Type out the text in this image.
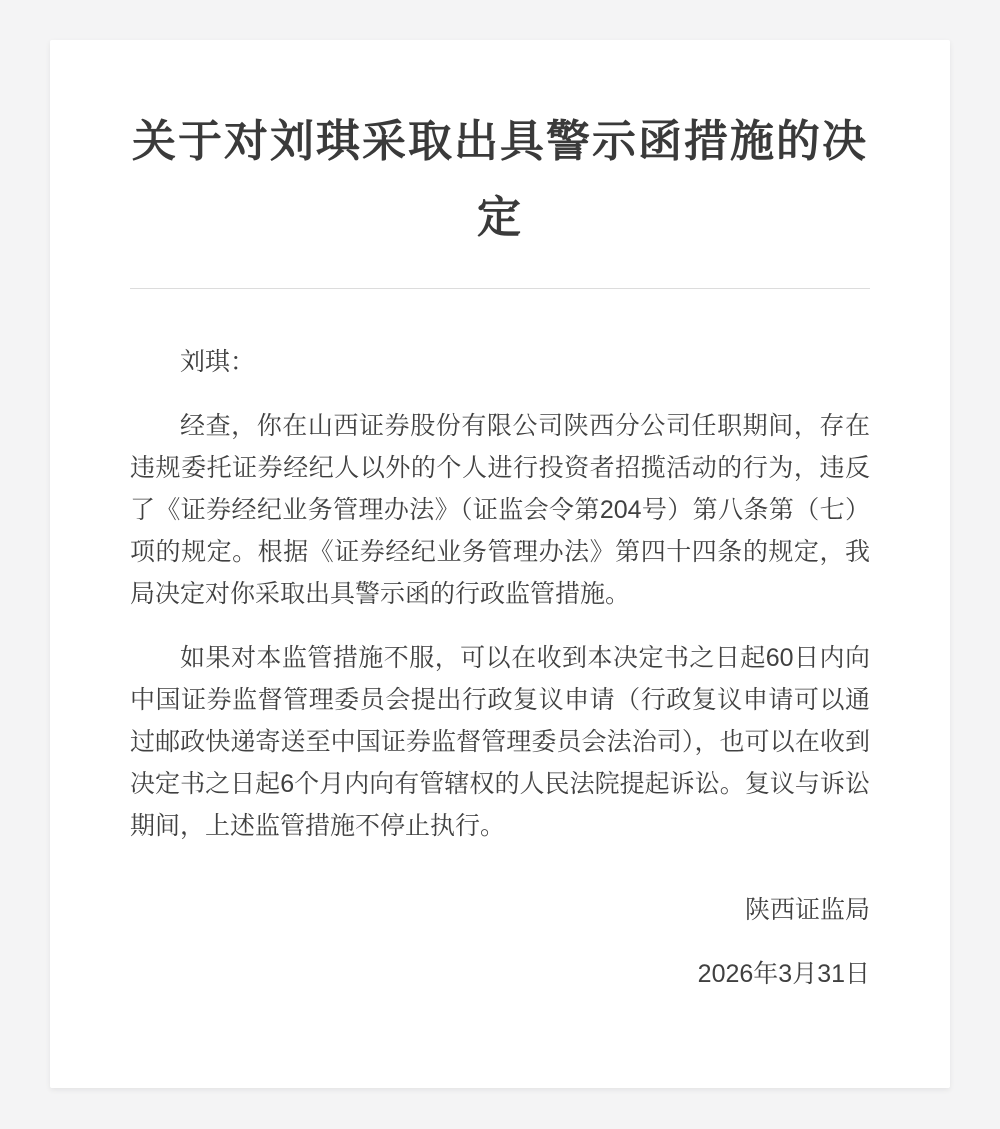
关于对刘琪采取出具警示函措施的决定

刘琪：

经查，你在山西证券股份有限公司陕西分公司任职期间，存在违规委托证券经纪人以外的个人进行投资者招揽活动的行为，违反了《证券经纪业务管理办法》（证监会令第204号）第八条第（七）项的规定。根据《证券经纪业务管理办法》第四十四条的规定，我局决定对你采取出具警示函的行政监管措施。

如果对本监管措施不服，可以在收到本决定书之日起60日内向中国证券监督管理委员会提出行政复议申请（行政复议申请可以通过邮政快递寄送至中国证券监督管理委员会法治司），也可以在收到决定书之日起6个月内向有管辖权的人民法院提起诉讼。复议与诉讼期间，上述监管措施不停止执行。

陕西证监局

2026年3月31日
